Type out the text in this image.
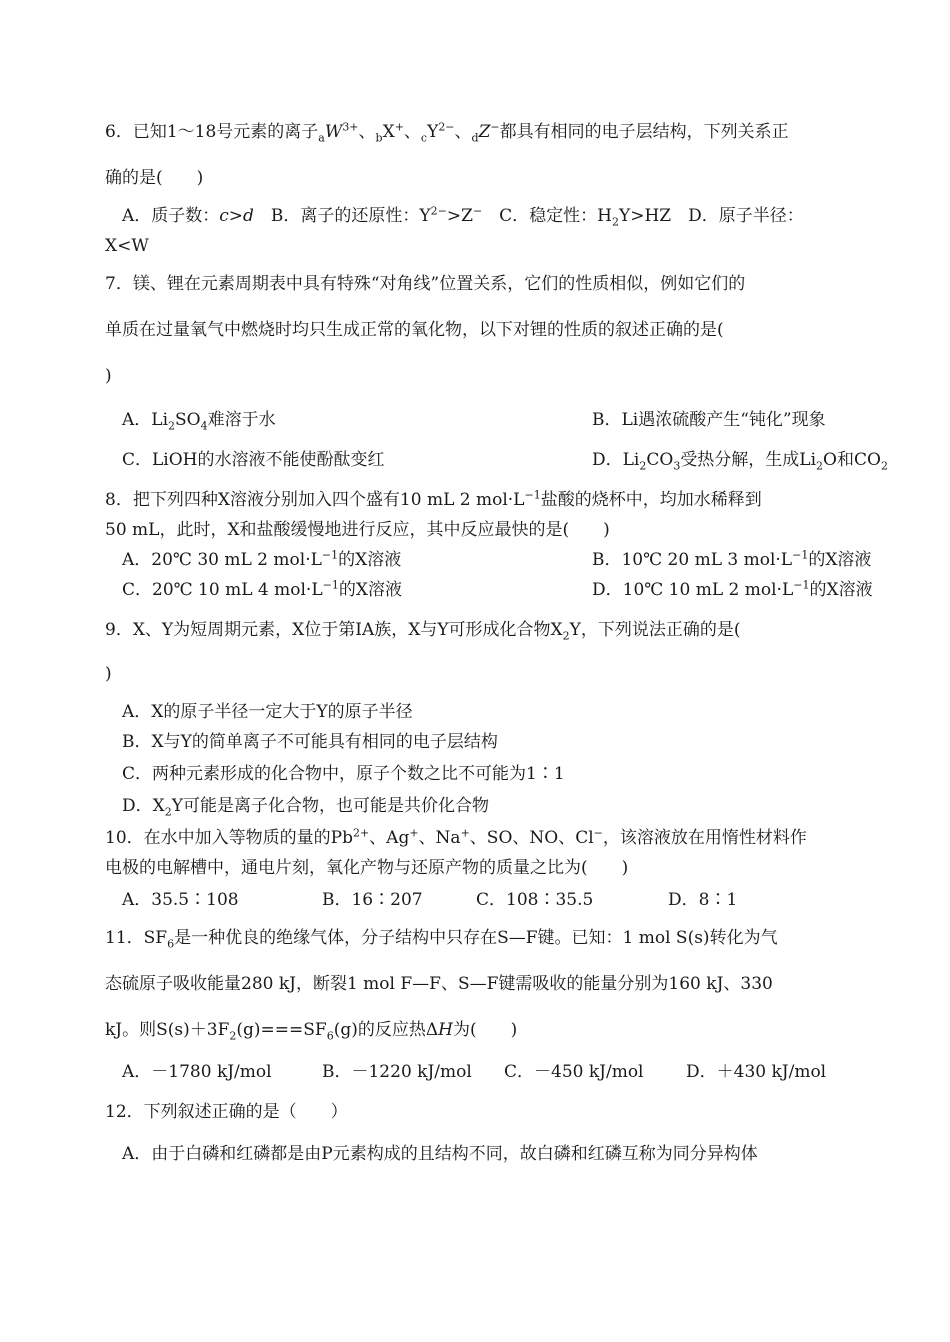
6．已知1～18号元素的离子$_aW^{3+}$、$_b$X+、$_cY^{2-}$、$_d$Z−都具有相同的电子层结构，下列关系正
确的是(　　)
A．质子数：c>d　B．离子的还原性：$Y^{2-}>Z^-$　C．稳定性：$H_2Y>HZ$　D．原子半径：
X<W
7．镁、锂在元素周期表中具有特殊“对角线”位置关系，它们的性质相似，例如它们的
单质在过量氧气中燃烧时均只生成正常的氧化物，以下对锂的性质的叙述正确的是(
)
A．$Li_2SO_4$难溶于水	B．Li遇浓硫酸产生“钝化”现象
C．LiOH的水溶液不能使酚酞变红	D．$Li_2CO_3$受热分解，生成$Li_2O$和$CO_2$
8．把下列四种X溶液分别加入四个盛有10 mL 2 $mol\cdot L^{-1}$盐酸的烧杯中，均加水稀释到
50 mL，此时，X和盐酸缓慢地进行反应，其中反应最快的是(　　)
A．20℃ 30 mL 2 $mol\cdot L^{-1}$的X溶液	B．10℃ 20 mL 3 $mol\cdot L^{-1}$的X溶液
C．20℃ 10 mL 4 $mol\cdot L^{-1}$的X溶液	D．10℃ 10 mL 2 $mol\cdot L^{-1}$的X溶液
9．X、Y为短周期元素，X位于第ⅠA族，X与Y可形成化合物$X_2Y$，下列说法正确的是(
)
A．X的原子半径一定大于Y的原子半径
B．X与Y的简单离子不可能具有相同的电子层结构
C．两种元素形成的化合物中，原子个数之比不可能为1∶1
D．$X_2Y$可能是离子化合物，也可能是共价化合物
10．在水中加入等物质的量的$Pb^{2+}$、Ag+、Na+、SO、NO、Cl−，该溶液放在用惰性材料作
电极的电解槽中，通电片刻，氧化产物与还原产物的质量之比为(　　)
A．35.5∶108	B．16∶207	C．108∶35.5	D．8∶1
11．$SF_6$是一种优良的绝缘气体，分子结构中只存在S—F键。已知：1 mol S(s)转化为气
态硫原子吸收能量280 kJ，断裂1 mol F—F、S—F键需吸收的能量分别为160 kJ、330
kJ。则$S(s)+3F_2(g)===SF_6(g)$的反应热ΔH为(　　)
A．－1780 kJ/mol	B．－1220 kJ/mol C．－450 kJ/mol	D．＋430 kJ/mol
12．下列叙述正确的是（　　）
A．由于白磷和红磷都是由P元素构成的且结构不同，故白磷和红磷互称为同分异构体
